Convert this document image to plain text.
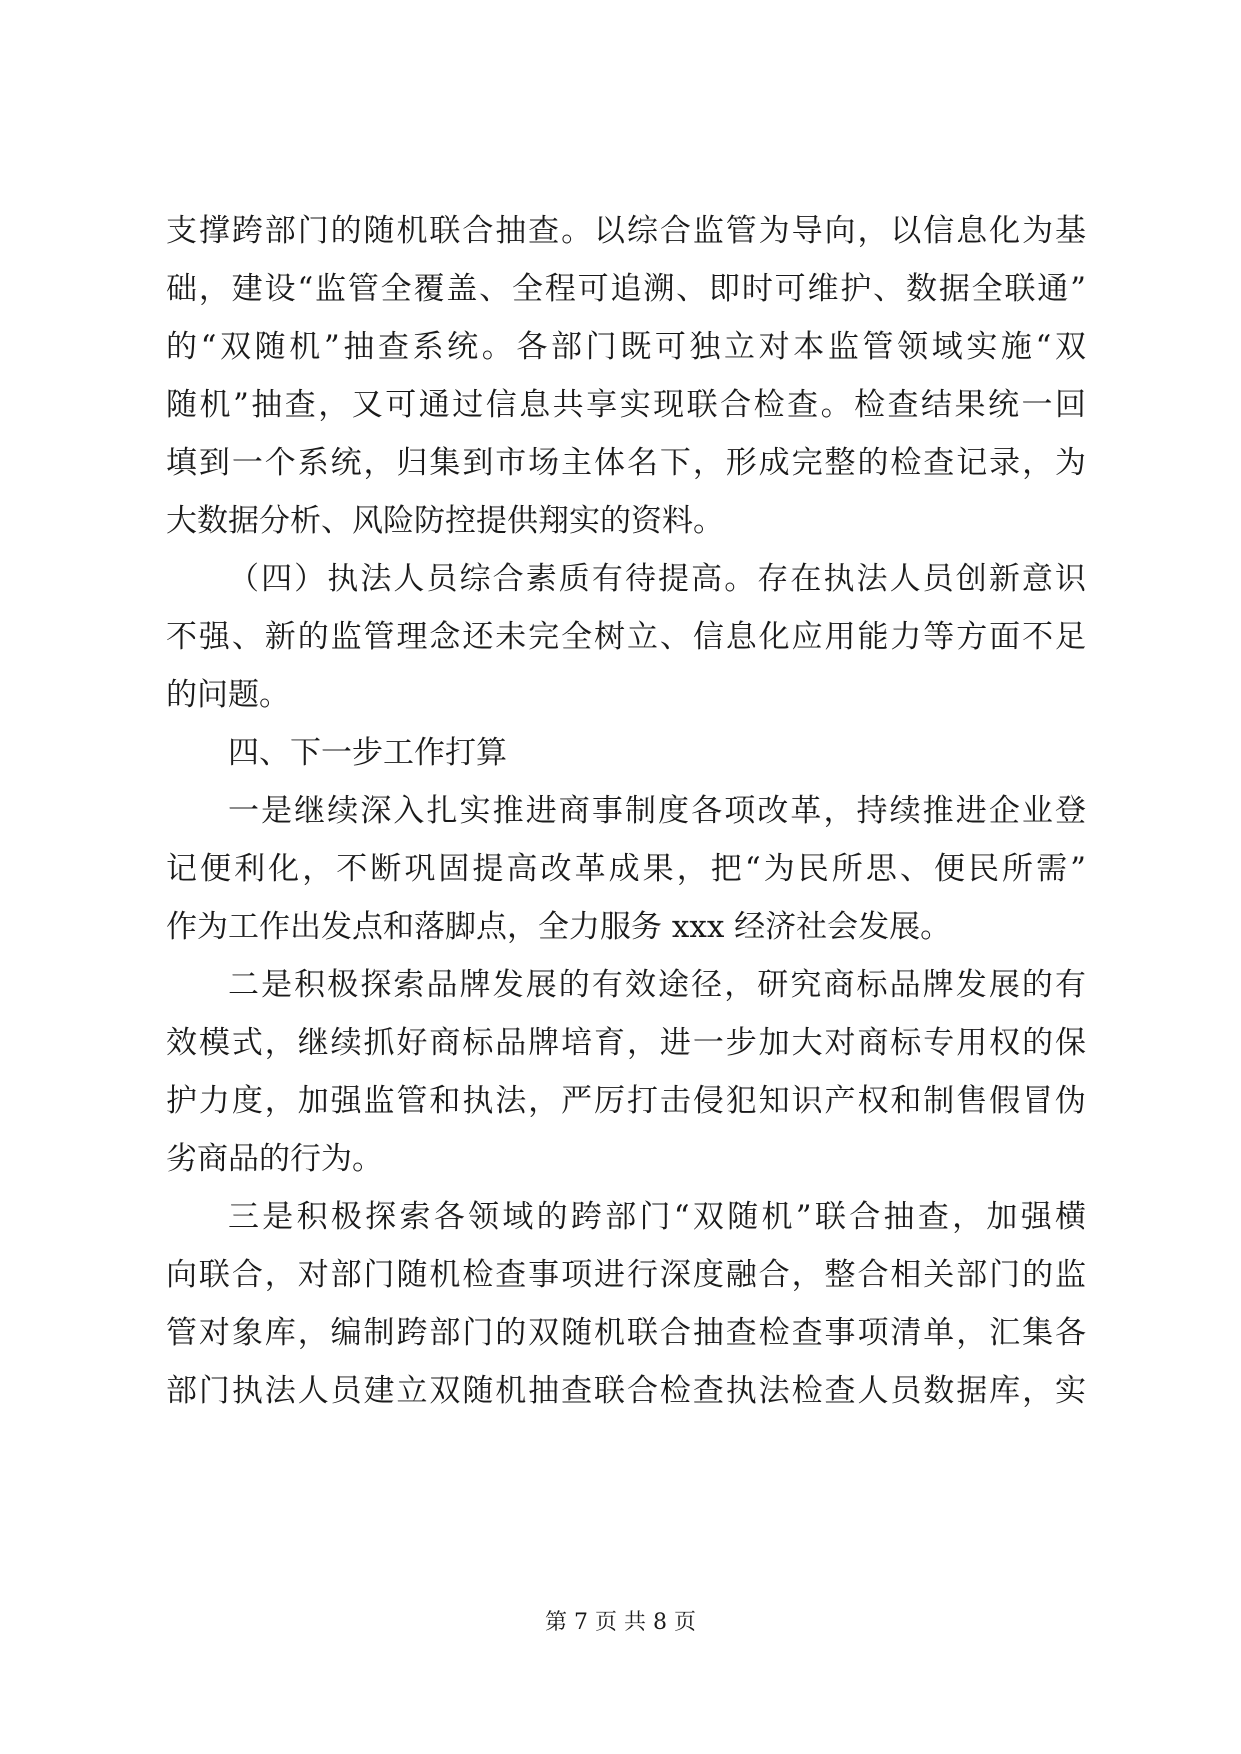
支撑跨部门的随机联合抽查。以综合监管为导向，以信息化为基
础，建设“监管全覆盖、全程可追溯、即时可维护、数据全联通”
的“双随机”抽查系统。各部门既可独立对本监管领域实施“双
随机”抽查，又可通过信息共享实现联合检查。检查结果统一回
填到一个系统，归集到市场主体名下，形成完整的检查记录，为
大数据分析、风险防控提供翔实的资料。
（四）执法人员综合素质有待提高。存在执法人员创新意识
不强、新的监管理念还未完全树立、信息化应用能力等方面不足
的问题。
四、下一步工作打算
一是继续深入扎实推进商事制度各项改革，持续推进企业登
记便利化，不断巩固提高改革成果，把“为民所思、便民所需”
作为工作出发点和落脚点，全力服务 xxx 经济社会发展。
二是积极探索品牌发展的有效途径，研究商标品牌发展的有
效模式，继续抓好商标品牌培育，进一步加大对商标专用权的保
护力度，加强监管和执法，严厉打击侵犯知识产权和制售假冒伪
劣商品的行为。
三是积极探索各领域的跨部门“双随机”联合抽查，加强横
向联合，对部门随机检查事项进行深度融合，整合相关部门的监
管对象库，编制跨部门的双随机联合抽查检查事项清单，汇集各
部门执法人员建立双随机抽查联合检查执法检查人员数据库，实
第 7 页 共 8 页
